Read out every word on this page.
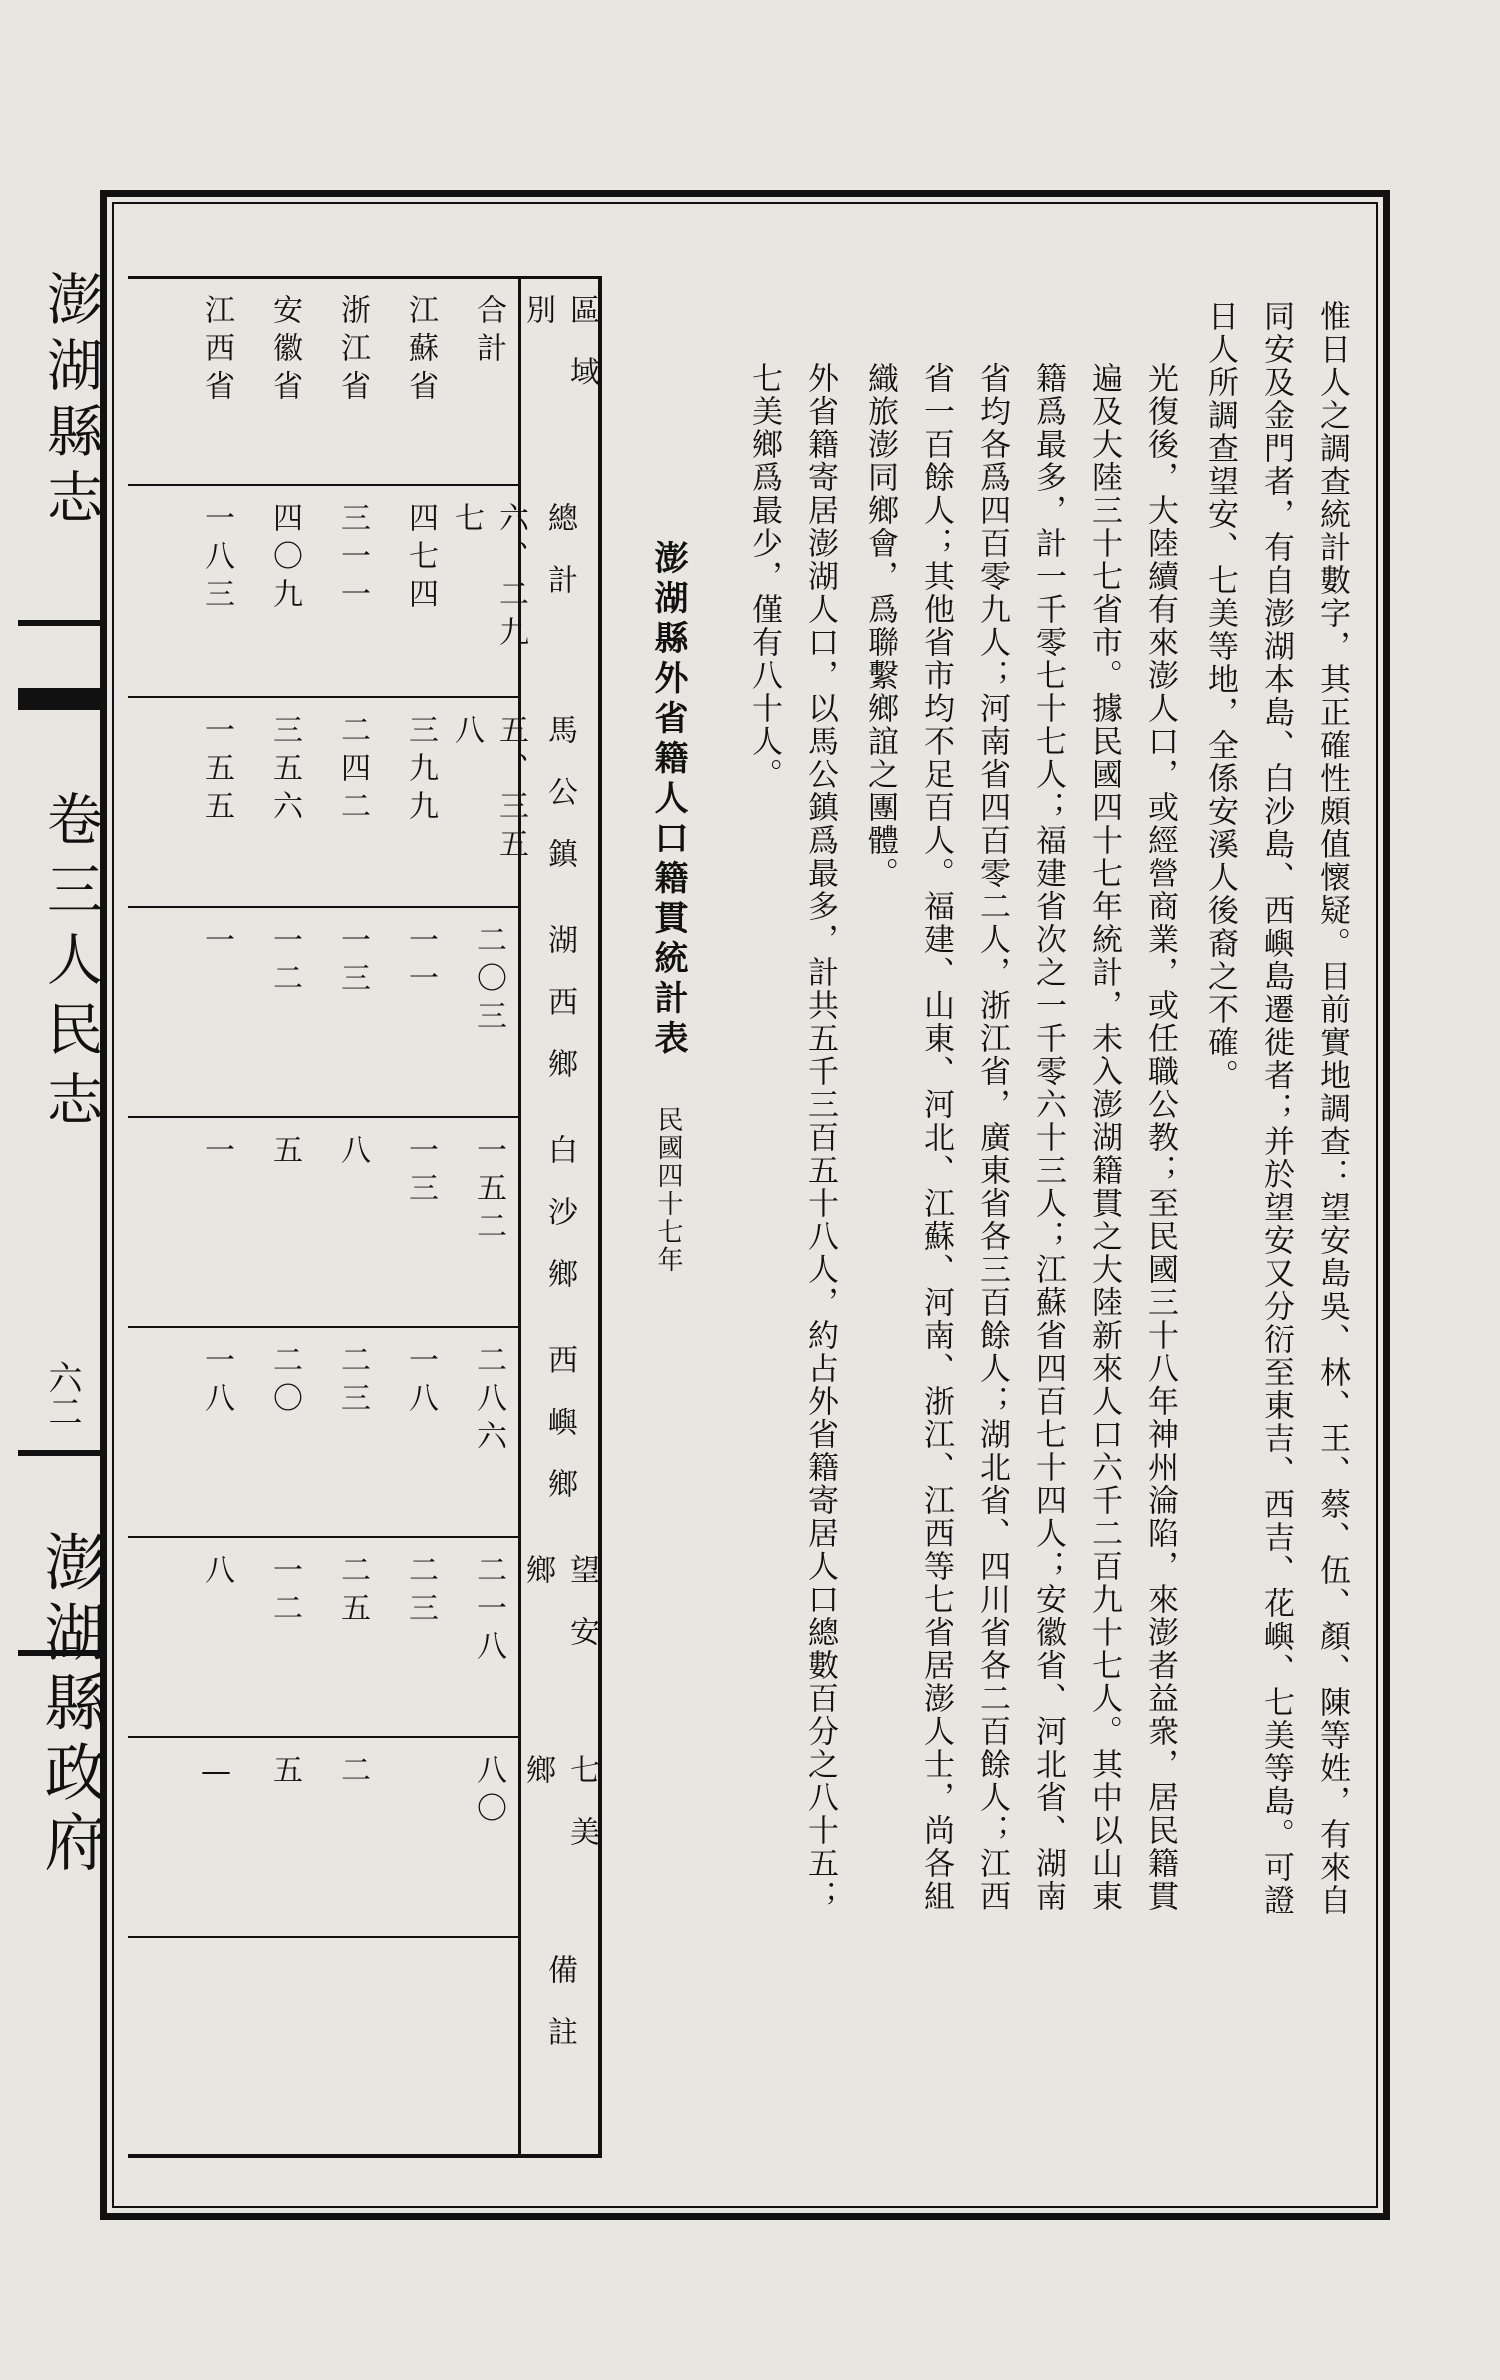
澎湖縣志
卷三人民志
六二
澎湖縣政府	惟日人之調查統計數字，其正確性頗值懷疑。目前實地調查：望安島吳、林、王、蔡、伍、顏、陳等姓，有來自同安及金門者，有自澎湖本島、白沙島、西嶼島遷徙者；并於望安又分衍至東吉、西吉、花嶼、七美等島。可證日人所調查望安、七美等地，全係安溪人後裔之不確。

光復後，大陸續有來澎人口，或經營商業，或任職公教；至民國三十八年神州淪陷，來澎者益衆，居民籍貫遍及大陸三十七省市。據民國四十七年統計，未入澎湖籍貫之大陸新來人口六千二百九十七人。其中以山東籍爲最多，計一千零七十七人；福建省次之一千零六十三人；江蘇省四百七十四人；安徽省、河北省、湖南省均各爲四百零九人；河南省四百零二人，浙江省，廣東省各三百餘人；湖北省、四川省各二百餘人；江西省一百餘人；其他省市均不足百人。福建、山東、河北、江蘇、河南、浙江、江西等七省居澎人士，尚各組織旅澎同鄉會，爲聯繫鄉誼之團體。

外省籍寄居澎湖人口，以馬公鎮爲最多，計共五千三百五十八人，約占外省籍寄居人口總數百分之八十五；七美鄉爲最少，僅有八十人。

澎湖縣外省籍人口籍貫統計表 民國四十七年

區域別
總計
馬公鎮
湖西鄉
白沙鄉
西嶼鄉
望安鄉
七美鄉
備註
合計
六、二九七
五、三五八
二〇三
一五二
二八六
二一八
八〇
江蘇省
四七四
三九九
一一
一三
一八
二三
浙江省
三一一
二四二
一三
八
二三
二五
二
安徽省
四〇九
三五六
一二
五
二〇
一二
五
江西省
一八三
一五五
一
一
一八
八
—
